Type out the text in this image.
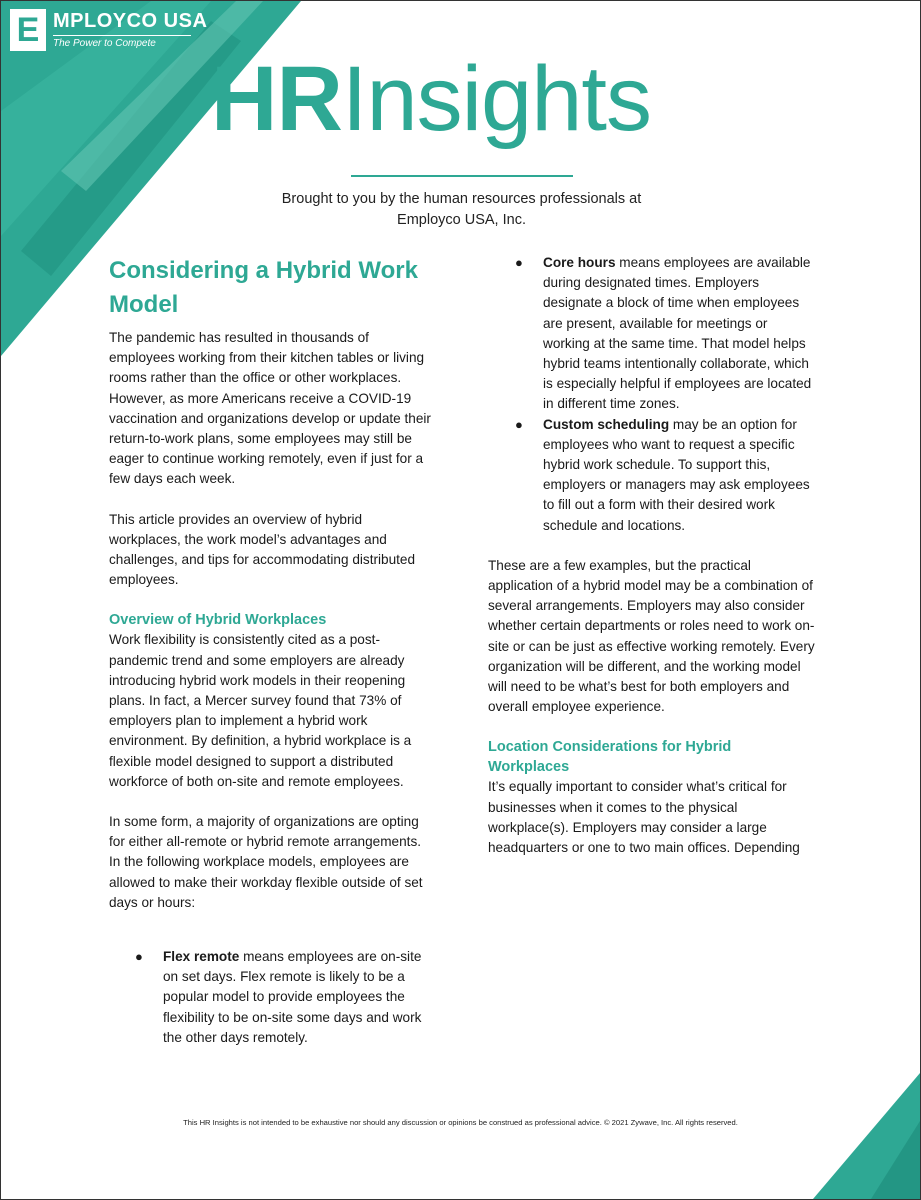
E MPLOYCO USA
The Power to Compete
HRInsights
Brought to you by the human resources professionals at
Employco USA, Inc.
Considering a Hybrid Work Model

The pandemic has resulted in thousands of employees working from their kitchen tables or living rooms rather than the office or other workplaces. However, as more Americans receive a COVID-19 vaccination and organizations develop or update their return-to-work plans, some employees may still be eager to continue working remotely, even if just for a few days each week.

This article provides an overview of hybrid workplaces, the work model’s advantages and challenges, and tips for accommodating distributed employees.

Overview of Hybrid Workplaces

Work flexibility is consistently cited as a post-pandemic trend and some employers are already introducing hybrid work models in their reopening plans. In fact, a Mercer survey found that 73% of employers plan to implement a hybrid work environment. By definition, a hybrid workplace is a flexible model designed to support a distributed workforce of both on-site and remote employees.

In some form, a majority of organizations are opting for either all-remote or hybrid remote arrangements. In the following workplace models, employees are allowed to make their workday flexible outside of set days or hours:

● Flex remote means employees are on-site on set days. Flex remote is likely to be a popular model to provide employees the flexibility to be on-site some days and work the other days remotely.
● Core hours means employees are available during designated times. Employers designate a block of time when employees are present, available for meetings or working at the same time. That model helps hybrid teams intentionally collaborate, which is especially helpful if employees are located in different time zones.
● Custom scheduling may be an option for employees who want to request a specific hybrid work schedule. To support this, employers or managers may ask employees to fill out a form with their desired work schedule and locations.

These are a few examples, but the practical application of a hybrid model may be a combination of several arrangements. Employers may also consider whether certain departments or roles need to work on-site or can be just as effective working remotely. Every organization will be different, and the working model will need to be what’s best for both employers and overall employee experience.

Location Considerations for Hybrid Workplaces

It’s equally important to consider what’s critical for businesses when it comes to the physical workplace(s). Employers may consider a large headquarters or one to two main offices. Depending

This HR Insights is not intended to be exhaustive nor should any discussion or opinions be construed as professional advice. © 2021 Zywave, Inc. All rights reserved.
